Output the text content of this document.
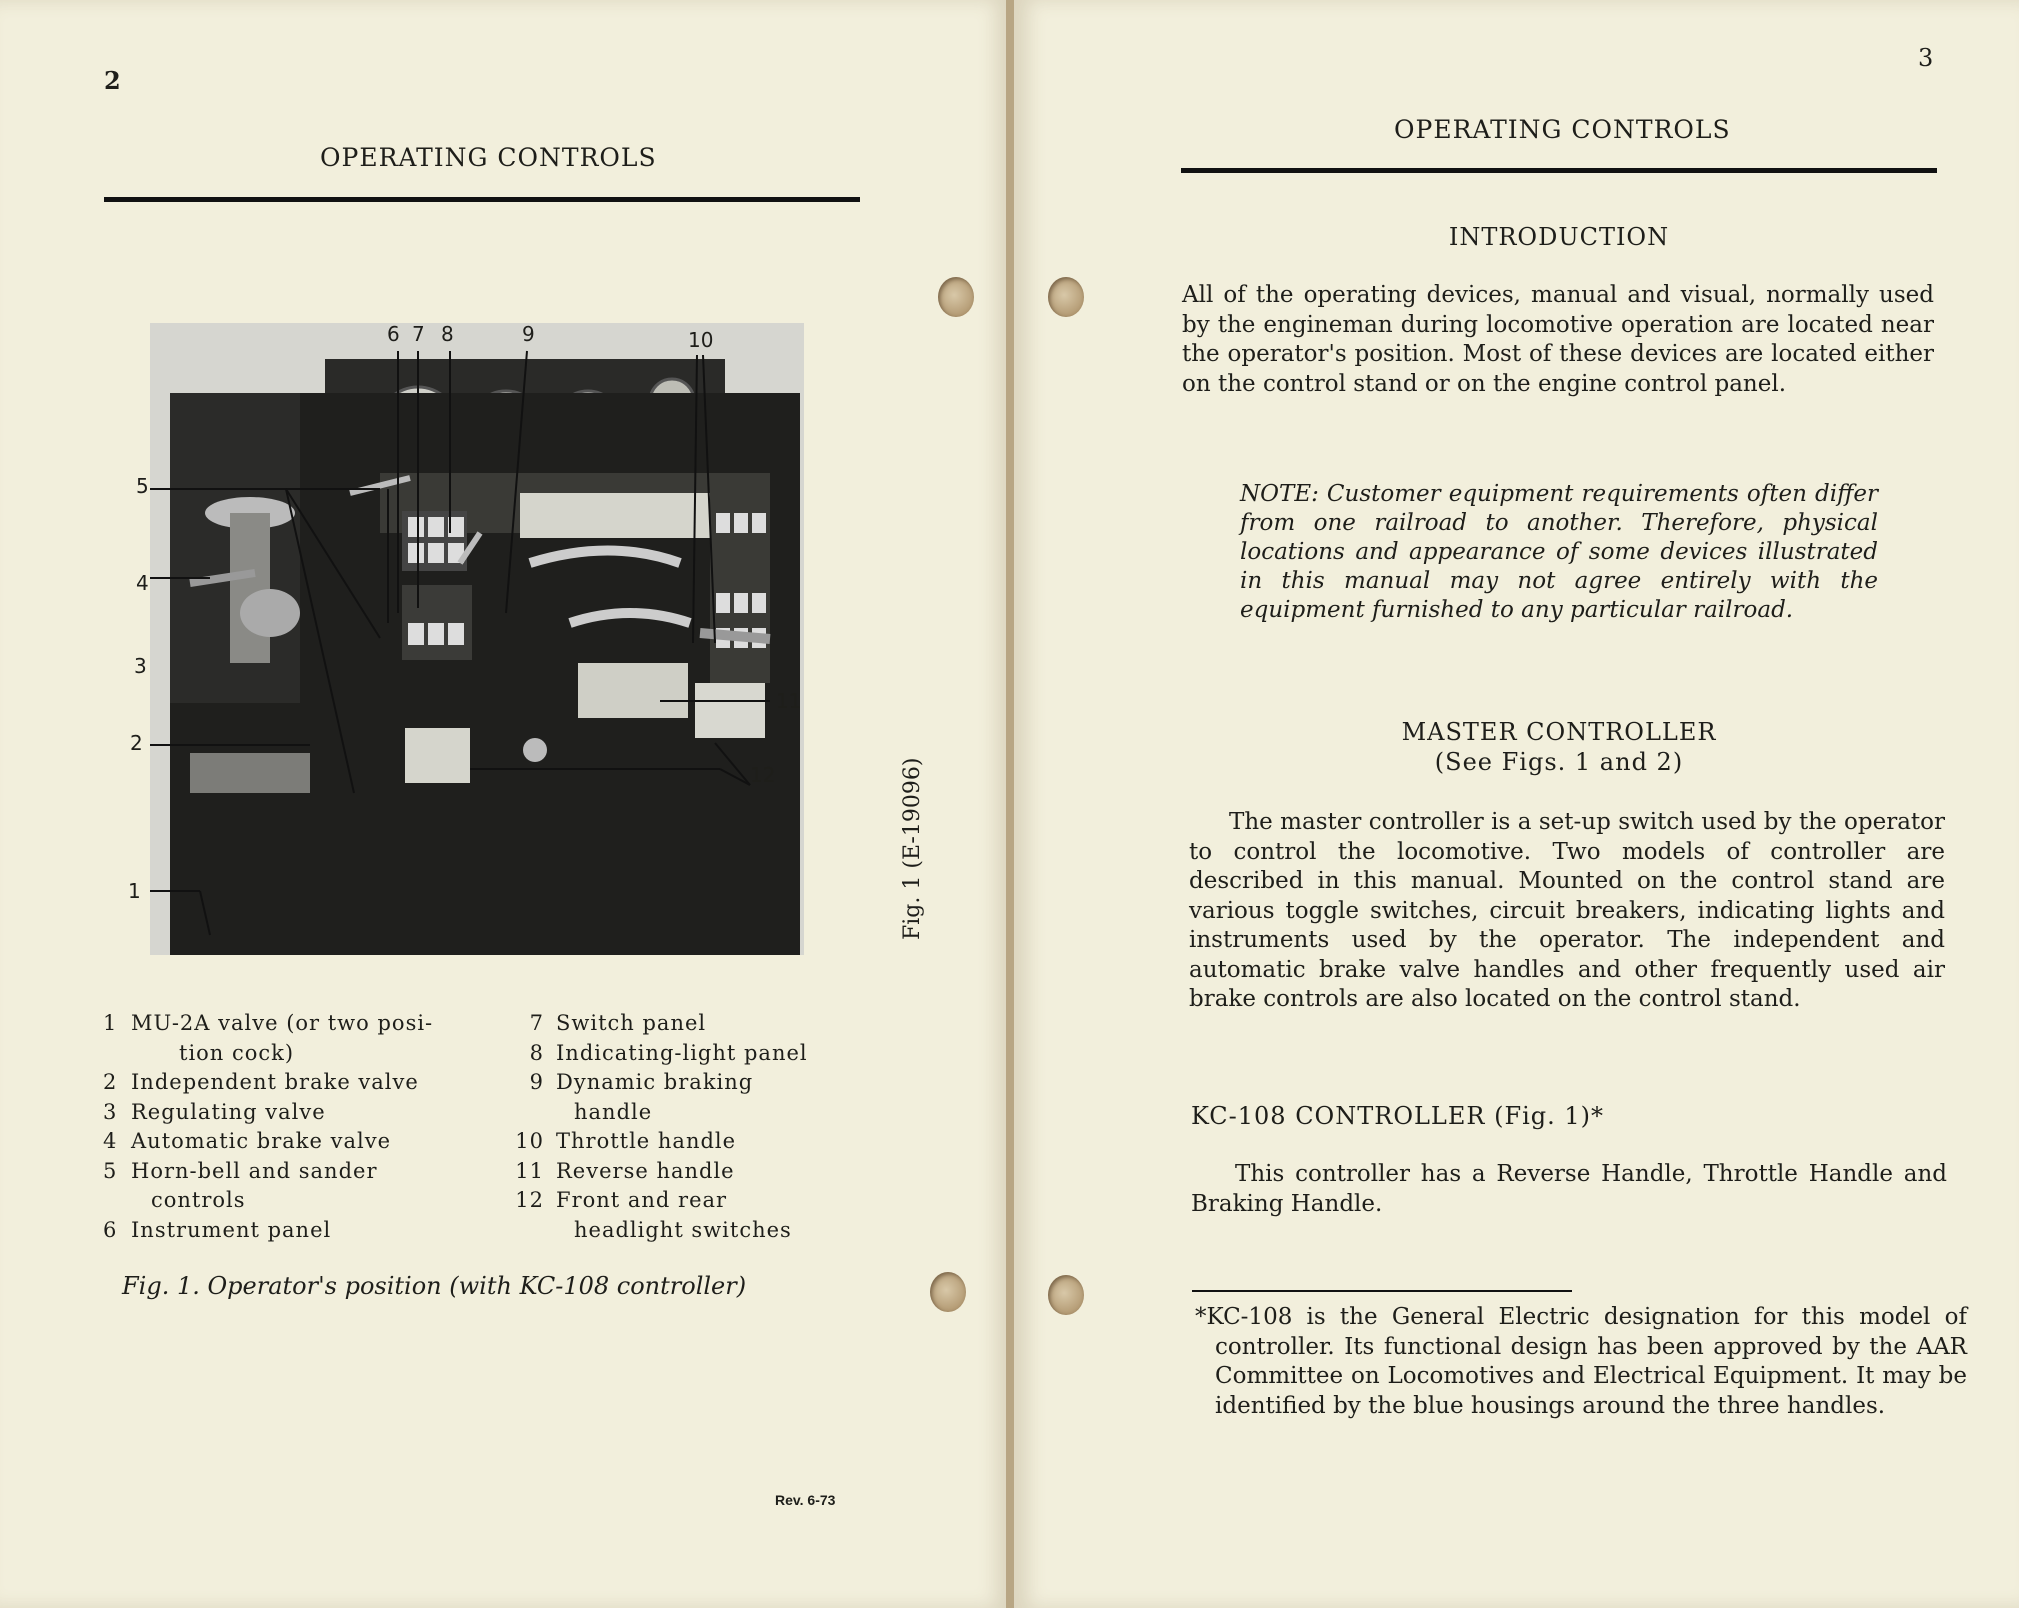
2
OPERATING CONTROLS
6 7 8	9	10
5
4
3
2
11
12
1
1 MU-2A valve (or two posi-
tion cock)
2 Independent brake valve
3 Regulating valve
4 Automatic brake valve
5 Horn-bell and sander
controls
6 Instrument panel
7 Switch panel
8 Indicating-light panel
9 Dynamic braking
handle
10 Throttle handle
11 Reverse handle
12 Front and rear
headlight switches
Fig. 1. Operator's position (with KC-108 controller)
Fig. 1 (E-19096)
Rev. 6-73
3
OPERATING CONTROLS
INTRODUCTION
All of the operating devices, manual and visual, normally used by the engineman during locomotive operation are located near the operator's position. Most of these devices are located either on the control stand or on the engine control panel.
NOTE: Customer equipment requirements often differ from one railroad to another. Therefore, physical locations and appearance of some devices illustrated in this manual may not agree entirely with the equipment furnished to any particular railroad.
MASTER CONTROLLER
(See Figs. 1 and 2)
The master controller is a set-up switch used by the operator to control the locomotive. Two models of controller are described in this manual. Mounted on the control stand are various toggle switches, circuit breakers, indicating lights and instruments used by the operator. The independent and automatic brake valve handles and other frequently used air brake controls are also located on the control stand.
KC-108 CONTROLLER (Fig. 1)*
This controller has a Reverse Handle, Throttle Handle and Braking Handle.
*KC-108 is the General Electric designation for this model of controller. Its functional design has been approved by the AAR Committee on Locomotives and Electrical Equipment. It may be identified by the blue housings around the three handles.
